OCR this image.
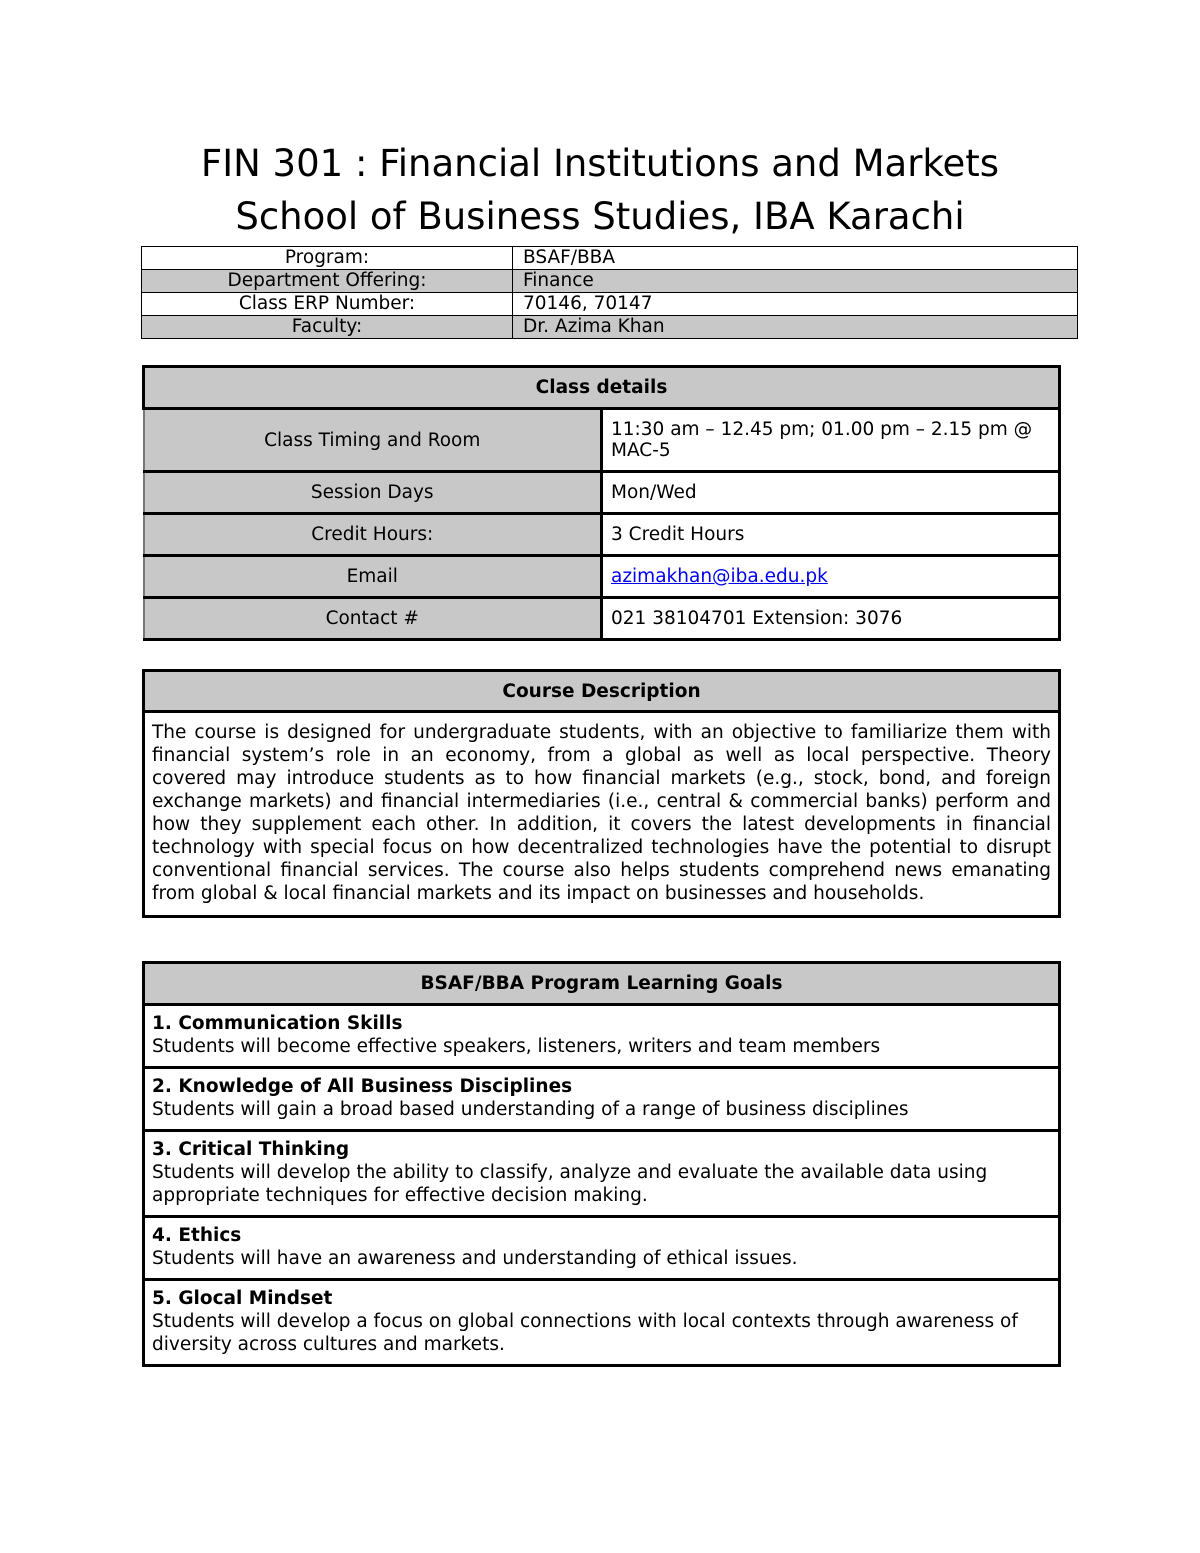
FIN 301 : Financial Institutions and Markets
School of Business Studies, IBA Karachi
Program:	BSAF/BBA
Department Offering:	Finance
Class ERP Number:	70146, 70147
Faculty:	Dr. Azima Khan
Class details	
Class Timing and Room	11:30 am – 12.45 pm; 01.00 pm – 2.15 pm @ MAC-5
Session Days	Mon/Wed
Credit Hours:	3 Credit Hours
Email	azimakhan@iba.edu.pk
Contact #	021 38104701 Extension: 3076
Course Description
The course is designed for undergraduate students, with an objective to familiarize them with financial system’s role in an economy, from a global as well as local perspective. Theory covered may introduce students as to how financial markets (e.g., stock, bond, and foreign exchange markets) and financial intermediaries (i.e., central & commercial banks) perform and how they supplement each other. In addition, it covers the latest developments in financial technology with special focus on how decentralized technologies have the potential to disrupt conventional financial services. The course also helps students comprehend news emanating from global & local financial markets and its impact on businesses and households.
BSAF/BBA Program Learning Goals

1. Communication Skills
Students will become effective speakers, listeners, writers and team members

2. Knowledge of All Business Disciplines
Students will gain a broad based understanding of a range of business disciplines

3. Critical Thinking
Students will develop the ability to classify, analyze and evaluate the available data using appropriate techniques for effective decision making.

4. Ethics
Students will have an awareness and understanding of ethical issues.

5. Glocal Mindset
Students will develop a focus on global connections with local contexts through awareness of diversity across cultures and markets.
